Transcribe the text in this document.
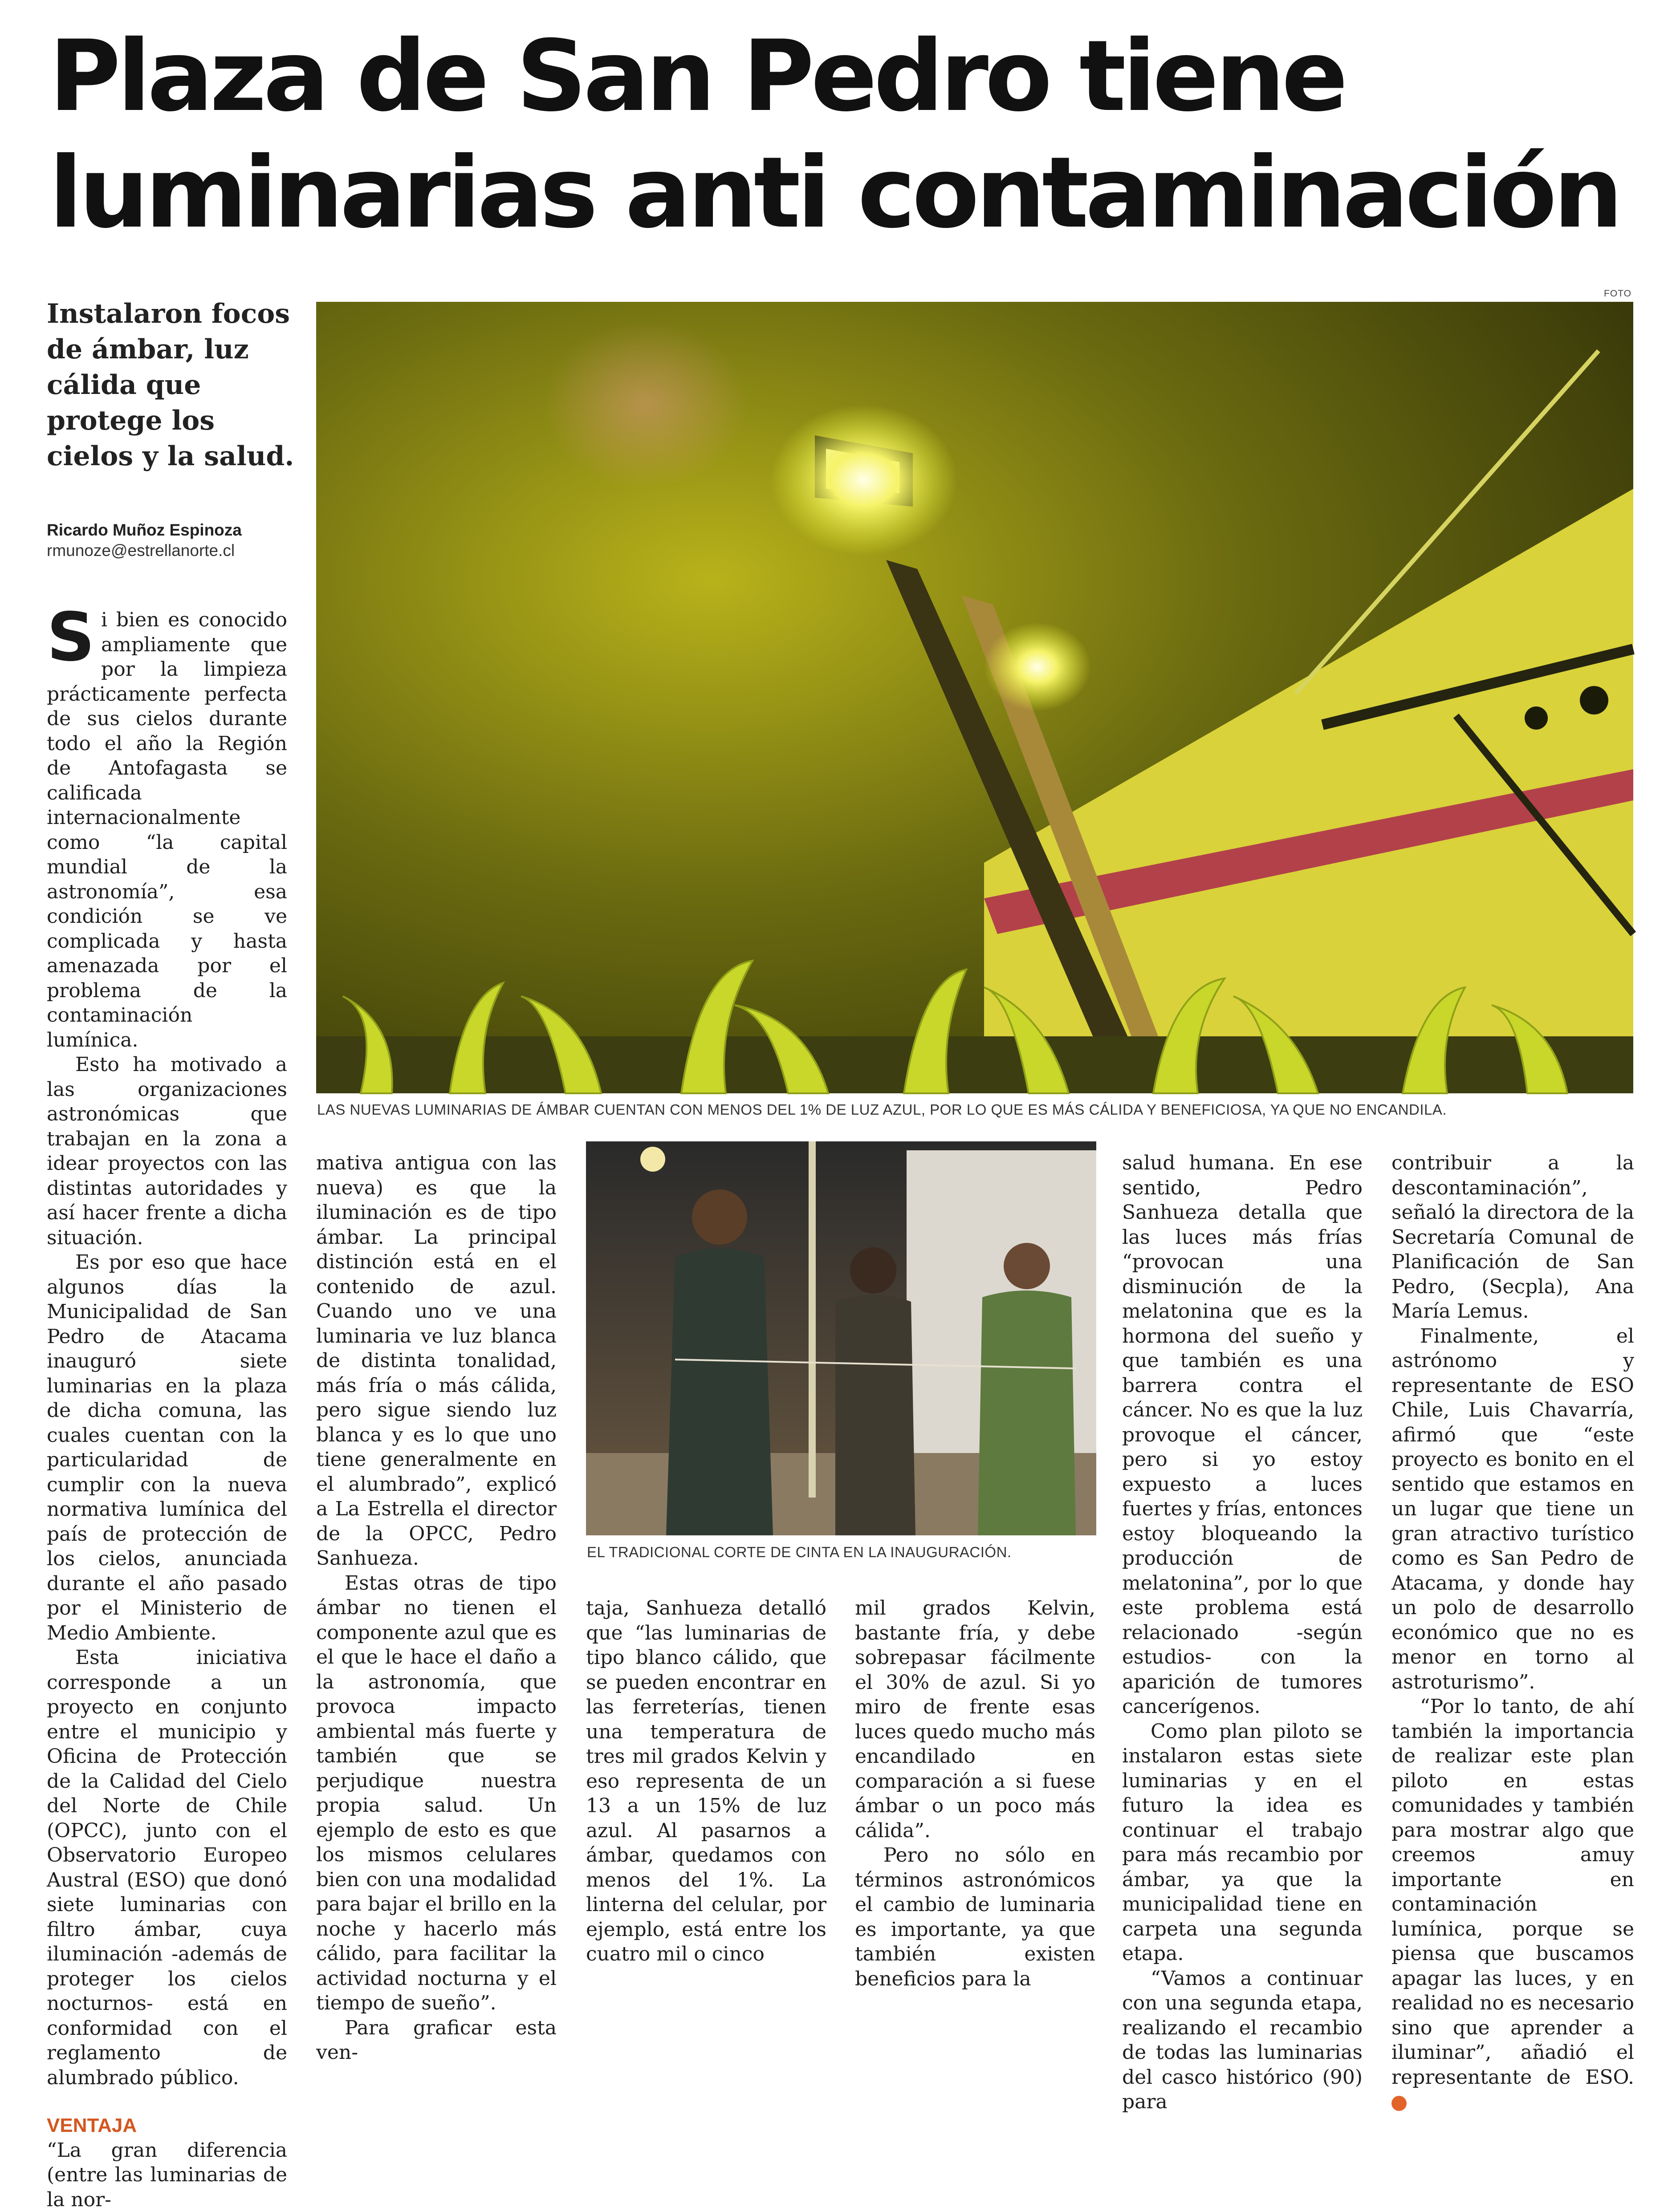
Plaza de San Pedro tiene
luminarias anti contaminación
Instalaron focos de ámbar, luz cálida que protege los cielos y la salud.
Ricardo Muñoz Espinoza
rmunoze@estrellanorte.cl
FOTO
LAS NUEVAS LUMINARIAS DE ÁMBAR CUENTAN CON MENOS DEL 1% DE LUZ AZUL, POR LO QUE ES MÁS CÁLIDA Y BENEFICIOSA, YA QUE NO ENCANDILA.
EL TRADICIONAL CORTE DE CINTA EN LA INAUGURACIÓN.

Si bien es conocido ampliamente que por la limpieza prácticamente perfecta de sus cielos durante todo el año la Región de Antofagasta se calificada internacionalmente como “la capital mundial de la astronomía”, esa condición se ve complicada y hasta amenazada por el problema de la contaminación lumínica.

Esto ha motivado a las organizaciones astronómicas que trabajan en la zona a idear proyectos con las distintas autoridades y así hacer frente a dicha situación.

Es por eso que hace algunos días la Municipalidad de San Pedro de Atacama inauguró siete luminarias en la plaza de dicha comuna, las cuales cuentan con la particularidad de cumplir con la nueva normativa lumínica del país de protección de los cielos, anunciada durante el año pasado por el Ministerio de Medio Ambiente.

Esta iniciativa corresponde a un proyecto en conjunto entre el municipio y Oficina de Protección de la Calidad del Cielo del Norte de Chile (OPCC), junto con el Observatorio Europeo Austral (ESO) que donó siete luminarias con filtro ámbar, cuya iluminación -además de proteger los cielos nocturnos- está en conformidad con el reglamento de alumbrado público.

VENTAJA

“La gran diferencia (entre las luminarias de la nor-

mativa antigua con las nueva) es que la iluminación es de tipo ámbar. La principal distinción está en el contenido de azul. Cuando uno ve una luminaria ve luz blanca de distinta tonalidad, más fría o más cálida, pero sigue siendo luz blanca y es lo que uno tiene generalmente en el alumbrado”, explicó a La Estrella el director de la OPCC, Pedro Sanhueza.

Estas otras de tipo ámbar no tienen el componente azul que es el que le hace el daño a la astronomía, que provoca impacto ambiental más fuerte y también que se perjudique nuestra propia salud. Un ejemplo de esto es que los mismos celulares bien con una modalidad para bajar el brillo en la noche y hacerlo más cálido, para facilitar la actividad nocturna y el tiempo de sueño”.

Para graficar esta ven-

taja, Sanhueza detalló que “las luminarias de tipo blanco cálido, que se pueden encontrar en las ferreterías, tienen una temperatura de tres mil grados Kelvin y eso representa de un 13 a un 15% de luz azul. Al pasarnos a ámbar, quedamos con menos del 1%. La linterna del celular, por ejemplo, está entre los cuatro mil o cinco

mil grados Kelvin, bastante fría, y debe sobrepasar fácilmente el 30% de azul. Si yo miro de frente esas luces quedo mucho más encandilado en comparación a si fuese ámbar o un poco más cálida”.

Pero no sólo en términos astronómicos el cambio de luminaria es importante, ya que también existen beneficios para la

salud humana. En ese sentido, Pedro Sanhueza detalla que las luces más frías “provocan una disminución de la melatonina que es la hormona del sueño y que también es una barrera contra el cáncer. No es que la luz provoque el cáncer, pero si yo estoy expuesto a luces fuertes y frías, entonces estoy bloqueando la producción de melatonina”, por lo que este problema está relacionado -según estudios- con la aparición de tumores cancerígenos.

Como plan piloto se instalaron estas siete luminarias y en el futuro la idea es continuar el trabajo para más recambio por ámbar, ya que la municipalidad tiene en carpeta una segunda etapa.

“Vamos a continuar con una segunda etapa, realizando el recambio de todas las luminarias del casco histórico (90) para

contribuir a la descontaminación”, señaló la directora de la Secretaría Comunal de Planificación de San Pedro, (Secpla), Ana María Lemus.

Finalmente, el astrónomo y representante de ESO Chile, Luis Chavarría, afirmó que “este proyecto es bonito en el sentido que estamos en un lugar que tiene un gran atractivo turístico como es San Pedro de Atacama, y donde hay un polo de desarrollo económico que no es menor en torno al astroturismo”.

“Por lo tanto, de ahí también la importancia de realizar este plan piloto en estas comunidades y también para mostrar algo que creemos amuy importante en contaminación lumínica, porque se piensa que buscamos apagar las luces, y en realidad no es necesario sino que aprender a iluminar”, añadió el representante de ESO. ✚
